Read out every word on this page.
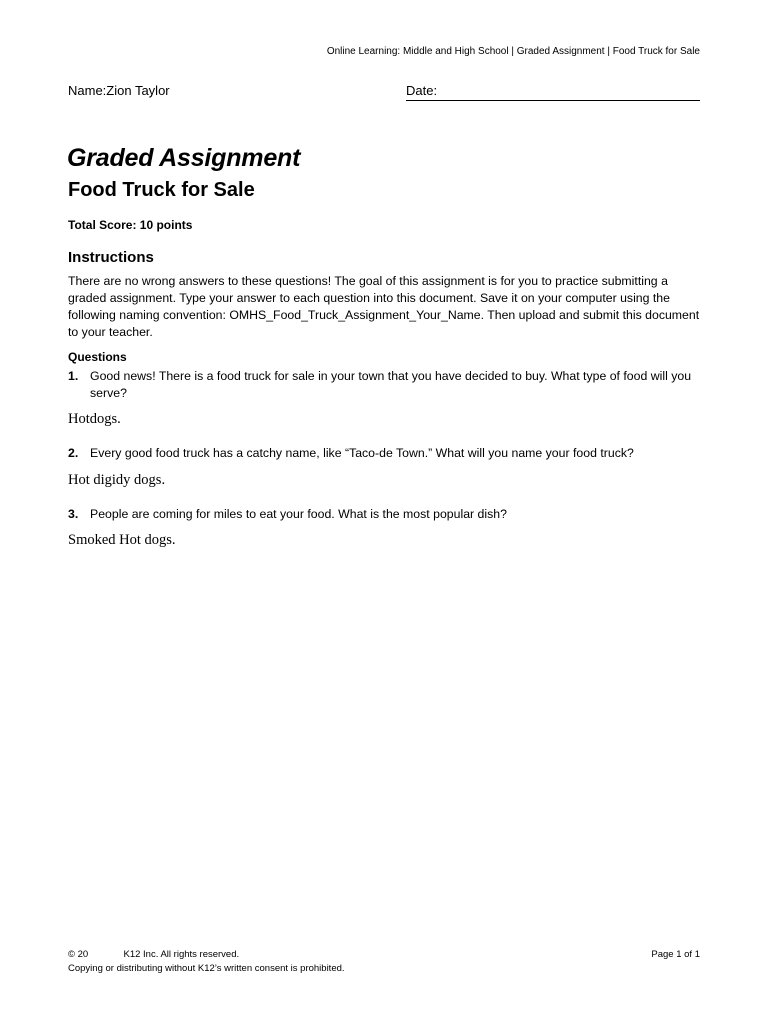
Online Learning: Middle and High School | Graded Assignment | Food Truck for Sale
Name:Zion Taylor	Date:
Graded Assignment
Food Truck for Sale
Total Score: 10 points
Instructions
There are no wrong answers to these questions! The goal of this assignment is for you to practice submitting a graded assignment. Type your answer to each question into this document. Save it on your computer using the following naming convention: OMHS_Food_Truck_Assignment_Your_Name. Then upload and submit this document to your teacher.
Questions
1. Good news! There is a food truck for sale in your town that you have decided to buy. What type of food will you serve?
Hotdogs.
2. Every good food truck has a catchy name, like “Taco-de Town.” What will you name your food truck?
Hot digidy dogs.
3. People are coming for miles to eat your food. What is the most popular dish?
Smoked Hot dogs.
© 20	K12 Inc. All rights reserved.
Copying or distributing without K12’s written consent is prohibited.
Page 1 of 1
